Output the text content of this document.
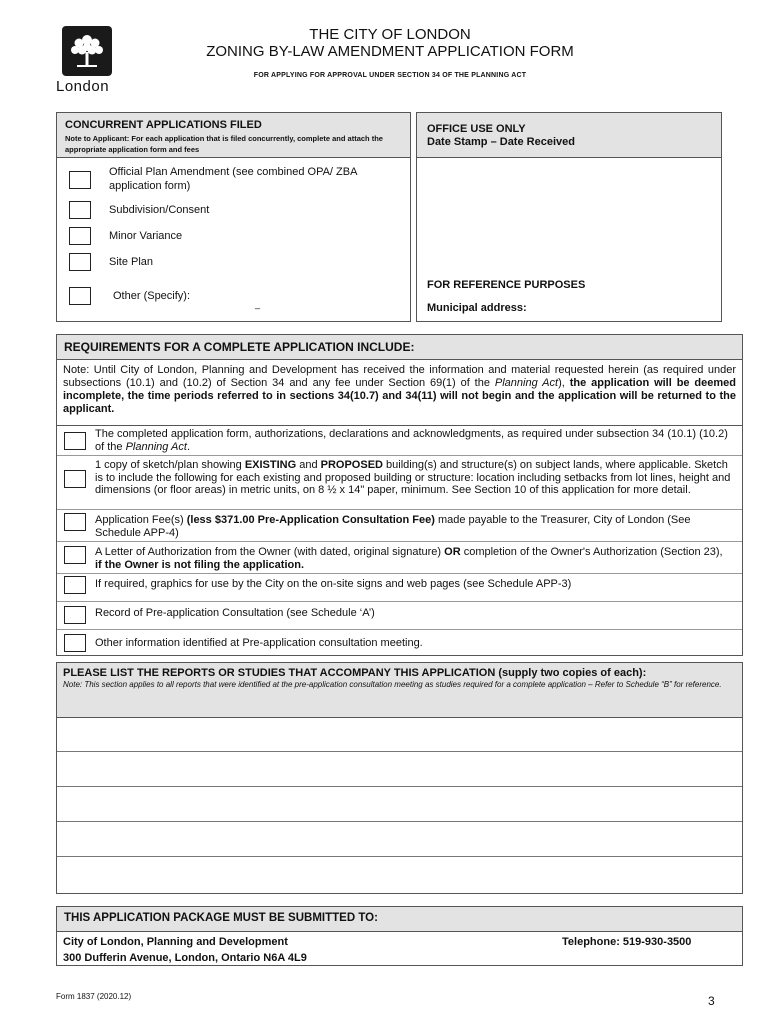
London
THE CITY OF LONDON
ZONING BY-LAW AMENDMENT APPLICATION FORM
FOR APPLYING FOR APPROVAL UNDER SECTION 34 OF THE PLANNING ACT
CONCURRENT APPLICATIONS FILED
Note to Applicant: For each application that is filed concurrently, complete and attach the appropriate application form and fees
Official Plan Amendment (see combined OPA/ ZBA application form)
Subdivision/Consent
Minor Variance
Site Plan
Other (Specify):
_
OFFICE USE ONLY
Date Stamp – Date Received
FOR REFERENCE PURPOSES
Municipal address:
REQUIREMENTS FOR A COMPLETE APPLICATION INCLUDE:
Note: Until City of London, Planning and Development has received the information and material requested herein (as required under subsections (10.1) and (10.2) of Section 34 and any fee under Section 69(1) of the Planning Act), the application will be deemed incomplete, the time periods referred to in sections 34(10.7) and 34(11) will not begin and the application will be returned to the applicant.
The completed application form, authorizations, declarations and acknowledgments, as required under subsection 34 (10.1) (10.2) of the Planning Act.
1 copy of sketch/plan showing EXISTING and PROPOSED building(s) and structure(s) on subject lands, where applicable. Sketch is to include the following for each existing and proposed building or structure: location including setbacks from lot lines, height and dimensions (or floor areas) in metric units, on 8 ½ x 14" paper, minimum. See Section 10 of this application for more detail.
Application Fee(s) (less $371.00 Pre-Application Consultation Fee) made payable to the Treasurer, City of London (See Schedule APP-4)
A Letter of Authorization from the Owner (with dated, original signature) OR completion of the Owner's Authorization (Section 23), if the Owner is not filing the application.
If required, graphics for use by the City on the on-site signs and web pages (see Schedule APP-3)
Record of Pre-application Consultation (see Schedule ‘A’)
Other information identified at Pre-application consultation meeting.
PLEASE LIST THE REPORTS OR STUDIES THAT ACCOMPANY THIS APPLICATION (supply two copies of each):
Note: This section applies to all reports that were identified at the pre-application consultation meeting as studies required for a complete application – Refer to Schedule “B” for reference.
THIS APPLICATION PACKAGE MUST BE SUBMITTED TO:
City of London, Planning and Development
300 Dufferin Avenue, London, Ontario N6A 4L9
Telephone: 519-930-3500
Form 1837 (2020.12)	3
